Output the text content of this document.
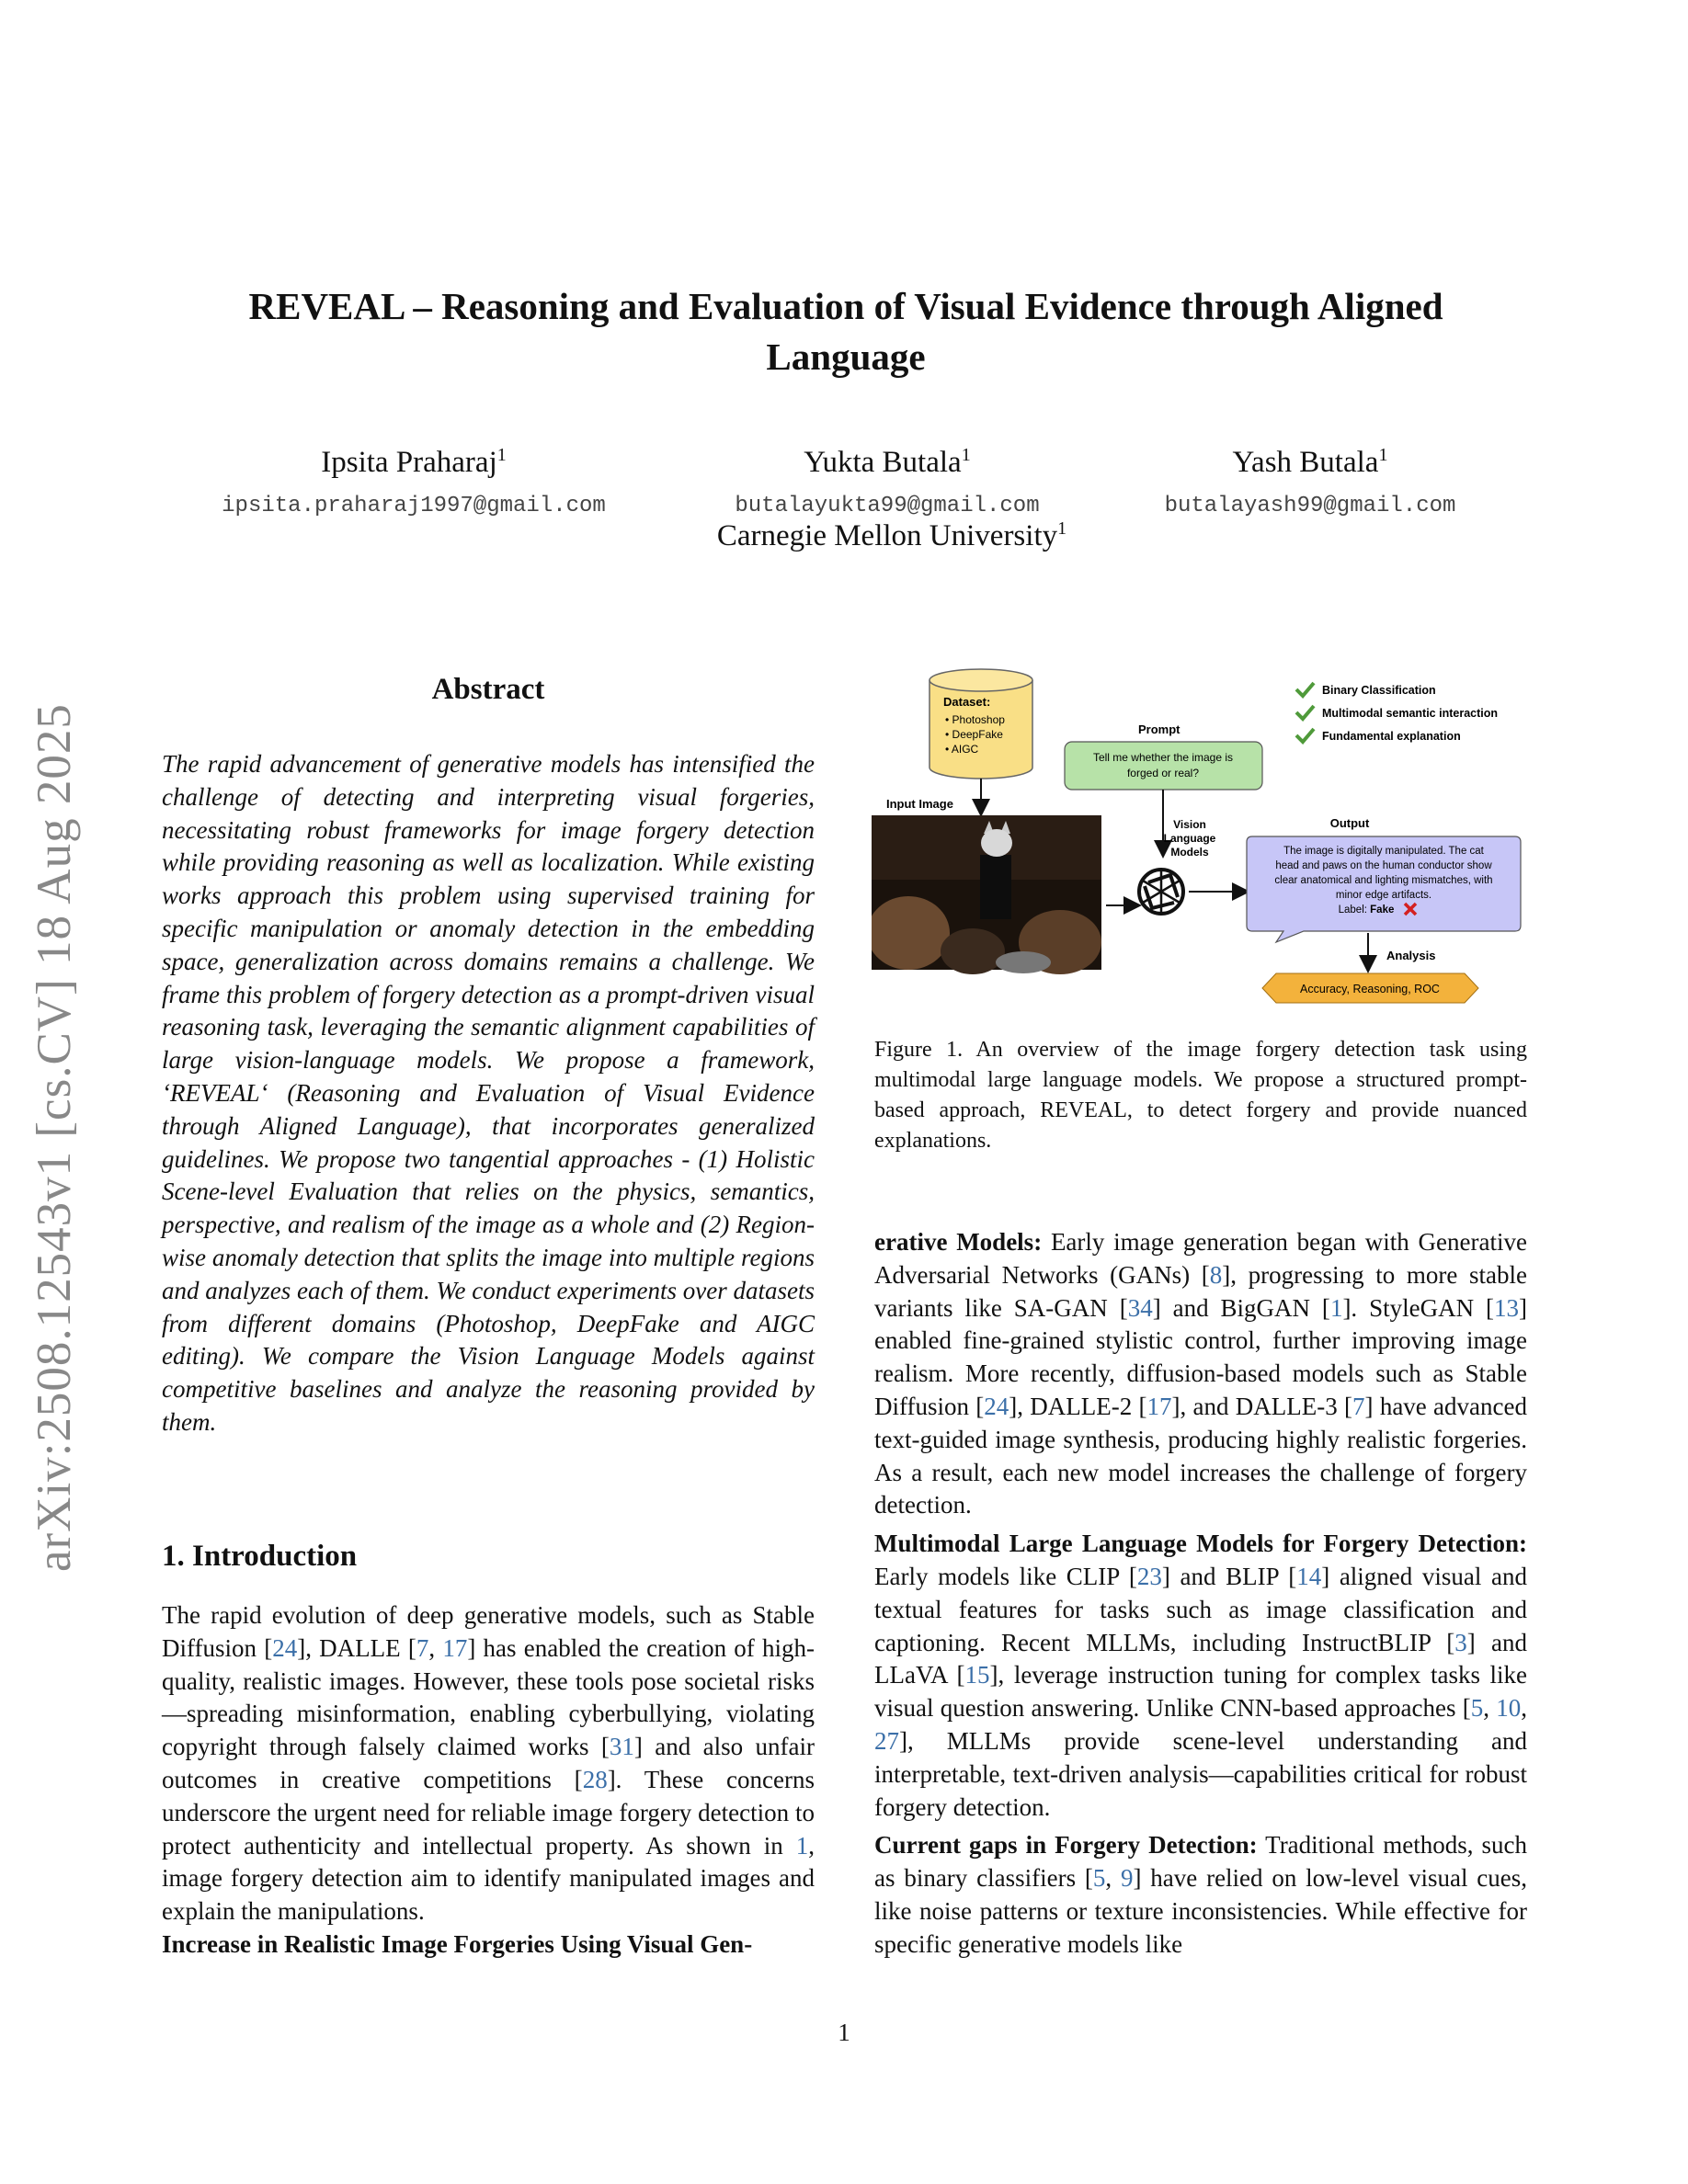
arXiv:2508.12543v1 [cs.CV] 18 Aug 2025
REVEAL – Reasoning and Evaluation of Visual Evidence through Aligned Language
Ipsita Praharaj$^1$
ipsita.praharaj1997@gmail.com
Yukta Butala$^1$
butalayukta99@gmail.com
Yash Butala$^1$
butalayash99@gmail.com
Carnegie Mellon University$^1$
Abstract
The rapid advancement of generative models has intensified the challenge of detecting and interpreting visual forgeries, necessitating robust frameworks for image forgery detection while providing reasoning as well as localization. While existing works approach this problem using supervised training for specific manipulation or anomaly detection in the embedding space, generalization across domains remains a challenge. We frame this problem of forgery detection as a prompt-driven visual reasoning task, leveraging the semantic alignment capabilities of large vision-language models. We propose a framework, ‘REVEAL‘ (Reasoning and Evaluation of Visual Evidence through Aligned Language), that incorporates generalized guidelines. We propose two tangential approaches - (1) Holistic Scene-level Evaluation that relies on the physics, semantics, perspective, and realism of the image as a whole and (2) Region-wise anomaly detection that splits the image into multiple regions and analyzes each of them. We conduct experiments over datasets from different domains (Photoshop, DeepFake and AIGC editing). We compare the Vision Language Models against competitive baselines and analyze the reasoning provided by them.
1. Introduction
The rapid evolution of deep generative models, such as Stable Diffusion [24], DALLE [7, 17] has enabled the creation of high-quality, realistic images. However, these tools pose societal risks—spreading misinformation, enabling cyberbullying, violating copyright through falsely claimed works [31] and also unfair outcomes in creative competitions [28]. These concerns underscore the urgent need for reliable image forgery detection to protect authenticity and intellectual property. As shown in 1, image forgery detection aim to identify manipulated images and explain the manipulations.
Increase in Realistic Image Forgeries Using Visual Gen-
Dataset:
• Photoshop
• DeepFake
• AIGC
Input Image
Prompt
Tell me whether the image is
forged or real?
Vision
Language
Models
Output
The image is digitally manipulated. The cat
head and paws on the human conductor show
clear anatomical and lighting mismatches, with
minor edge artifacts.
Label: Fake
Analysis
Accuracy, Reasoning, ROC
Binary Classification
Multimodal semantic interaction
Fundamental explanation
Figure 1. An overview of the image forgery detection task using multimodal large language models. We propose a structured prompt-based approach, REVEAL, to detect forgery and provide nuanced explanations.

erative Models: Early image generation began with Generative Adversarial Networks (GANs) [8], progressing to more stable variants like SA-GAN [34] and BigGAN [1]. StyleGAN [13] enabled fine-grained stylistic control, further improving image realism. More recently, diffusion-based models such as Stable Diffusion [24], DALLE-2 [17], and DALLE-3 [7] have advanced text-guided image synthesis, producing highly realistic forgeries. As a result, each new model increases the challenge of forgery detection.

Multimodal Large Language Models for Forgery Detection: Early models like CLIP [23] and BLIP [14] aligned visual and textual features for tasks such as image classification and captioning. Recent MLLMs, including InstructBLIP [3] and LLaVA [15], leverage instruction tuning for complex tasks like visual question answering. Unlike CNN-based approaches [5, 10, 27], MLLMs provide scene-level understanding and interpretable, text-driven analysis—capabilities critical for robust forgery detection.

Current gaps in Forgery Detection: Traditional methods, such as binary classifiers [5, 9] have relied on low-level visual cues, like noise patterns or texture inconsistencies. While effective for specific generative models like

1
